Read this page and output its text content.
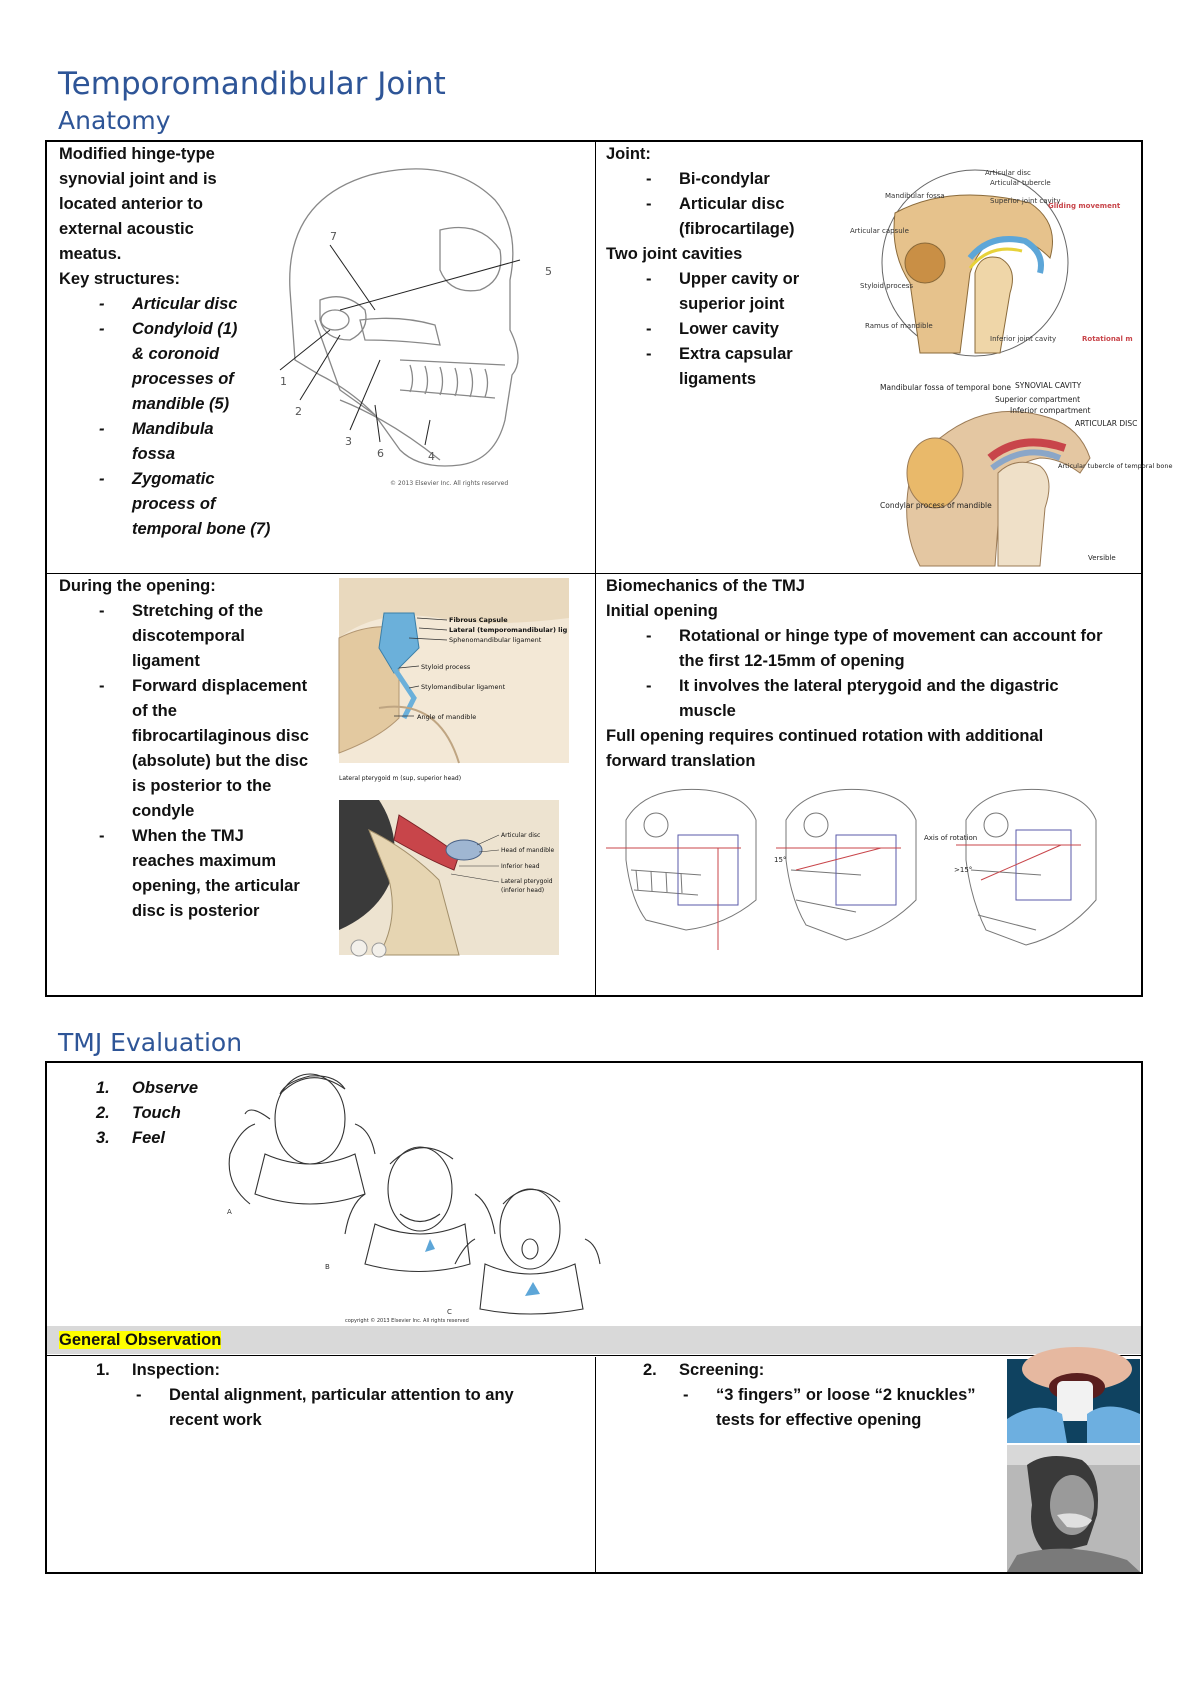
Temporomandibular Joint
Anatomy
Modified hinge-type
synovial joint and is
located anterior to
external acoustic
meatus.
Key structures:
- Articular disc
- Condyloid (1)
& coronoid
processes of
mandible (5)
- Mandibula
fossa
- Zygomatic
process of
temporal bone (7)
1
2
3
4
5
6
7
© 2013 Elsevier Inc. All rights reserved
Joint:
- Bi-condylar
- Articular disc
(fibrocartilage)
Two joint cavities
- Upper cavity or
superior joint
- Lower cavity
- Extra capsular
ligaments
Articular disc
Articular tubercle
Superior joint cavity
Mandibular fossa
Gliding movement
Articular capsule
Styloid process
Ramus of mandible
Inferior joint cavity	Rotational m
SYNOVIAL CAVITY
Superior compartment
Inferior compartment
ARTICULAR DISC
Mandibular fossa of temporal bone
Articular tubercle of temporal bone
Condylar process of mandible
Versible
During the opening:
- Stretching of the
discotemporal
ligament
- Forward displacement
of the
fibrocartilaginous disc
(absolute) but the disc
is posterior to the
condyle
- When the TMJ
reaches maximum
opening, the articular
disc is posterior
Fibrous Capsule
Lateral (temporomandibular) lig
Sphenomandibular ligament
Styloid process
Stylomandibular ligament
Angle of mandible
Lateral pterygoid m (sup, superior head)
Articular disc
Head of mandible
Inferior head
Lateral pterygoid
(inferior head)
Biomechanics of the TMJ
Initial opening
- Rotational or hinge type of movement can account for
the first 12-15mm of opening
- It involves the lateral pterygoid and the digastric
muscle
Full opening requires continued rotation with additional
forward translation
15°
Axis of rotation
>15°
TMJ Evaluation
General Observation
1. Observe
2. Touch
3. Feel
A
B
C
copyright © 2013 Elsevier Inc. All rights reserved
1. Inspection:
- Dental alignment, particular attention to any
recent work
2. Screening:
- “3 fingers” or loose “2 knuckles”
tests for effective opening
